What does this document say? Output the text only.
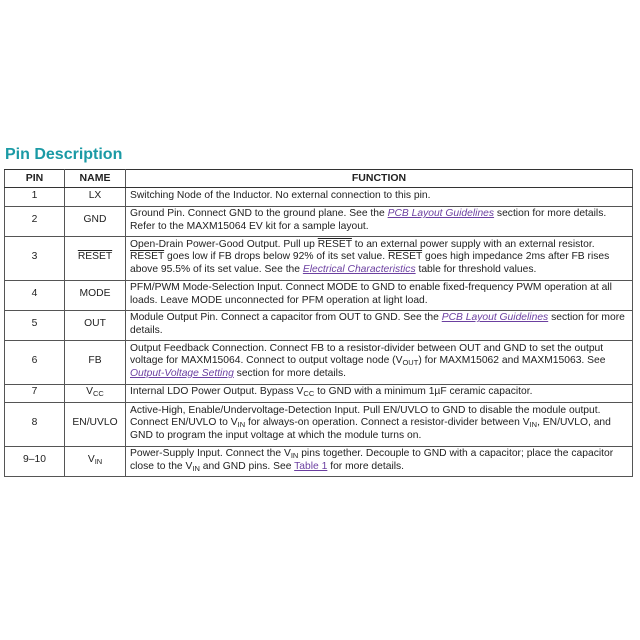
Pin Description
PIN	NAME	FUNCTION
1	LX	Switching Node of the Inductor. No external connection to this pin.
2	GND	Ground Pin. Connect GND to the ground plane. See the PCB Layout Guidelines section for more details. Refer to the MAXM15064 EV kit for a sample layout.
3	RESET	Open-Drain Power-Good Output. Pull up RESET to an external power supply with an external resistor. RESET goes low if FB drops below 92% of its set value. RESET goes high impedance 2ms after FB rises above 95.5% of its set value. See the Electrical Characteristics table for threshold values.
4	MODE	PFM/PWM Mode-Selection Input. Connect MODE to GND to enable fixed-frequency PWM operation at all loads. Leave MODE unconnected for PFM operation at light load.
5	OUT	Module Output Pin. Connect a capacitor from OUT to GND. See the PCB Layout Guidelines section for more details.
6	FB	Output Feedback Connection. Connect FB to a resistor-divider between OUT and GND to set the output voltage for MAXM15064. Connect to output voltage node $(V_{OUT})$ for MAXM15062 and MAXM15063. See Output-Voltage Setting section for more details.
7	$V_{CC}$	Internal LDO Power Output. Bypass $V_{CC}$ to GND with a minimum 1µF ceramic capacitor.
8	EN/UVLO	Active-High, Enable/Undervoltage-Detection Input. Pull EN/UVLO to GND to disable the module output. Connect EN/UVLO to $V_{IN}$ for always-on operation. Connect a resistor-divider between $V_{IN}$, EN/UVLO, and GND to program the input voltage at which the module turns on.
9–10	$V_{IN}$	Power-Supply Input. Connect the $V_{IN}$ pins together. Decouple to GND with a capacitor; place the capacitor close to the $V_{IN}$ and GND pins. See Table 1 for more details.
